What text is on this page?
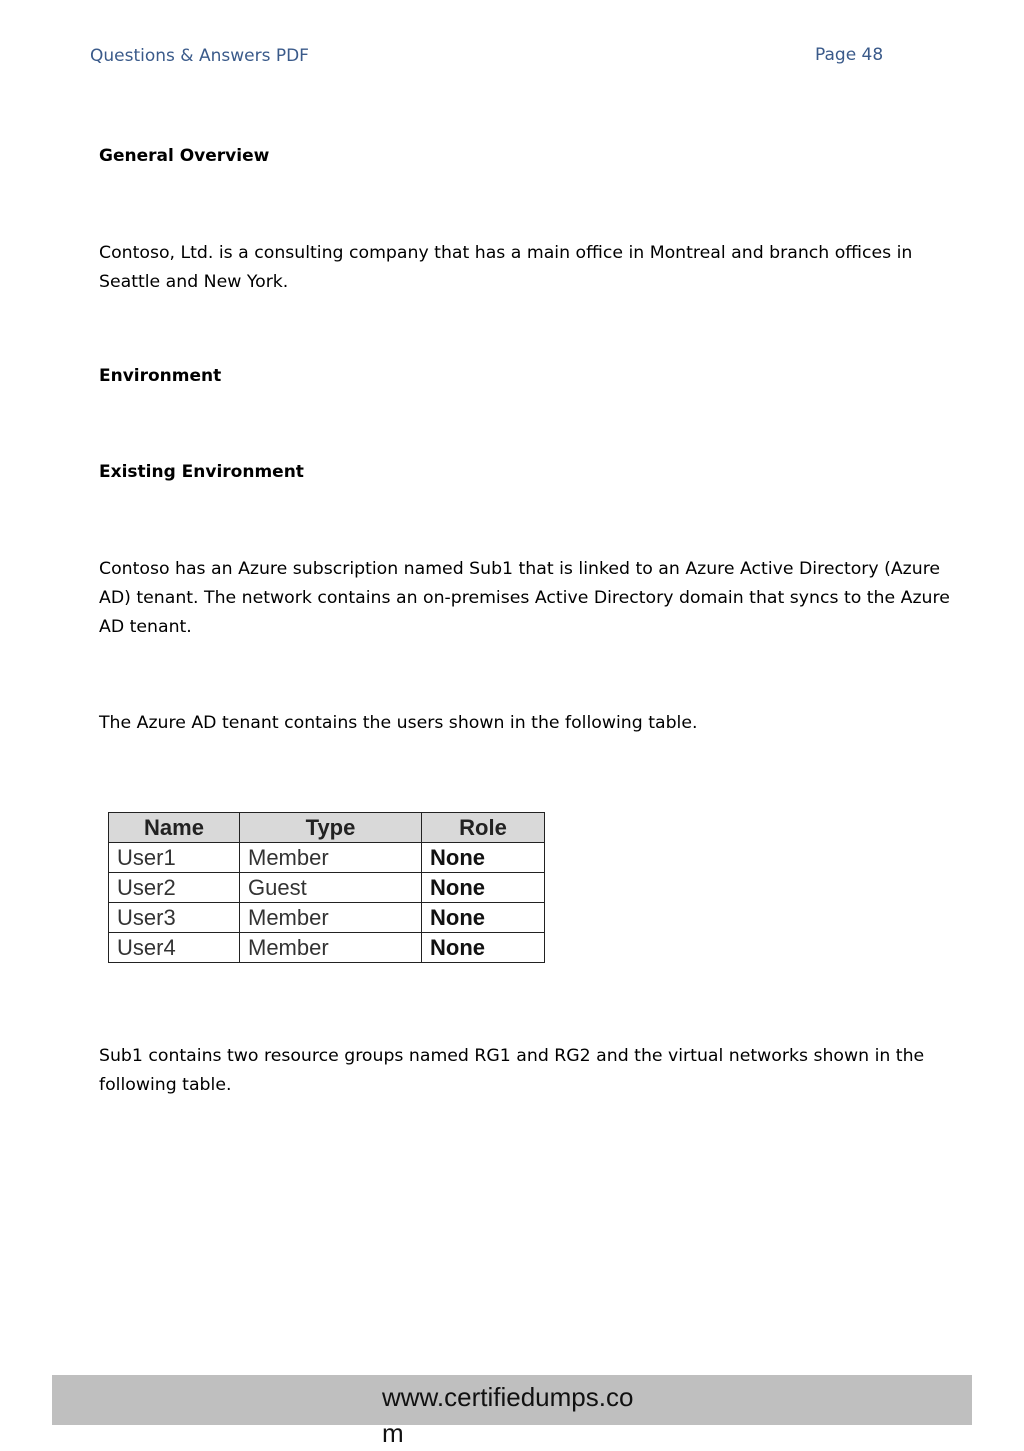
Questions & Answers PDF	Page 48
General Overview
Contoso, Ltd. is a consulting company that has a main office in Montreal and branch offices in Seattle and New York.
Environment
Existing Environment
Contoso has an Azure subscription named Sub1 that is linked to an Azure Active Directory (Azure AD) tenant. The network contains an on-premises Active Directory domain that syncs to the Azure AD tenant.
The Azure AD tenant contains the users shown in the following table.
Sub1 contains two resource groups named RG1 and RG2 and the virtual networks shown in the following table.
Name	Type	Role
User1	Member	None
User2	Guest	None
User3	Member	None
User4	Member	None
www.certifiedumps.com
